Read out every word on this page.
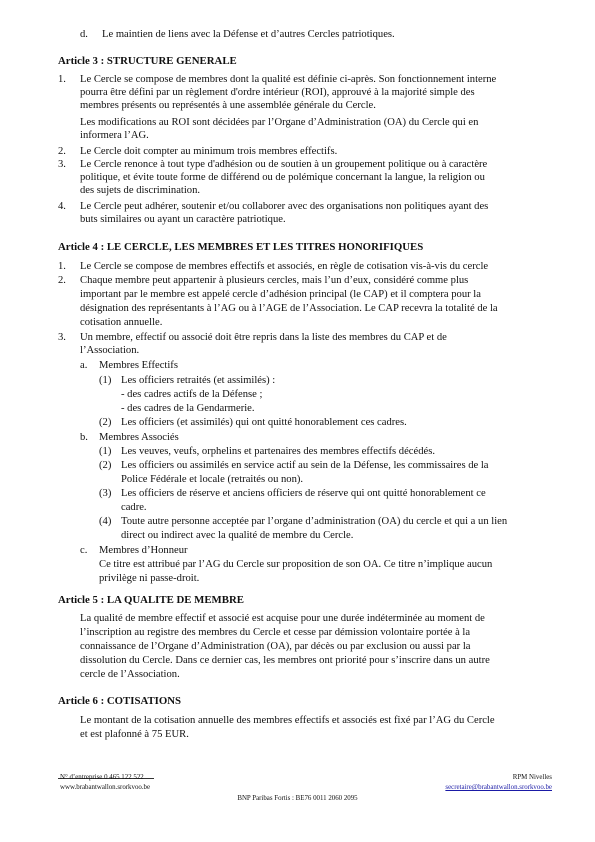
d. Le maintien de liens avec la Défense et d’autres Cercles patriotiques.
Article 3 : STRUCTURE GENERALE
1. Le Cercle se compose de membres dont la qualité est définie ci-après. Son fonctionnement interne
pourra être défini par un règlement d'ordre intérieur (ROI), approuvé à la majorité simple des
membres présents ou représentés à une assemblée générale du Cercle.
Les modifications au ROI sont décidées par l’Organe d’Administration (OA) du Cercle qui en
informera l’AG.
2. Le Cercle doit compter au minimum trois membres effectifs.
3. Le Cercle renonce à tout type d'adhésion ou de soutien à un groupement politique ou à caractère
politique, et évite toute forme de différend ou de polémique concernant la langue, la religion ou
des sujets de discrimination.
4. Le Cercle peut adhérer, soutenir et/ou collaborer avec des organisations non politiques ayant des
buts similaires ou ayant un caractère patriotique.
Article 4 : LE CERCLE, LES MEMBRES ET LES TITRES HONORIFIQUES
1. Le Cercle se compose de membres effectifs et associés, en règle de cotisation vis-à-vis du cercle
2. Chaque membre peut appartenir à plusieurs cercles, mais l’un d’eux, considéré comme plus
important par le membre est appelé cercle d’adhésion principal (le CAP) et il comptera pour la
désignation des représentants à l’AG ou à l’AGE de l’Association. Le CAP recevra la totalité de la
cotisation annuelle.
3. Un membre, effectif ou associé doit être repris dans la liste des membres du CAP et de
l’Association.
a. Membres Effectifs
(1) Les officiers retraités (et assimilés) :
- des cadres actifs de la Défense ;
- des cadres de la Gendarmerie.
(2) Les officiers (et assimilés) qui ont quitté honorablement ces cadres.
b. Membres Associés
(1) Les veuves, veufs, orphelins et partenaires des membres effectifs décédés.
(2) Les officiers ou assimilés en service actif au sein de la Défense, les commissaires de la
Police Fédérale et locale (retraités ou non).
(3) Les officiers de réserve et anciens officiers de réserve qui ont quitté honorablement ce
cadre.
(4) Toute autre personne acceptée par l’organe d’administration (OA) du cercle et qui a un lien
direct ou indirect avec la qualité de membre du Cercle.
c. Membres d’Honneur
Ce titre est attribué par l’AG du Cercle sur proposition de son OA. Ce titre n’implique aucun
privilège ni passe-droit.
Article 5 : LA QUALITE DE MEMBRE
La qualité de membre effectif et associé est acquise pour une durée indéterminée au moment de
l’inscription au registre des membres du Cercle et cesse par démission volontaire portée à la
connaissance de l’Organe d’Administration (OA), par décès ou par exclusion ou aussi par la
dissolution du Cercle. Dans ce dernier cas, les membres ont priorité pour s’inscrire dans un autre
cercle de l’Association.
Article 6 : COTISATIONS
Le montant de la cotisation annuelle des membres effectifs et associés est fixé par l’AG du Cercle
et est plafonné à 75 EUR.
N° d’entreprise 0 465 122 522
www.brabantwallon.srorkvoo.be
RPM Nivelles
secretaire@brabantwallon.srorkvoo.be
BNP Paribas Fortis : BE76 0011 2060 2095
